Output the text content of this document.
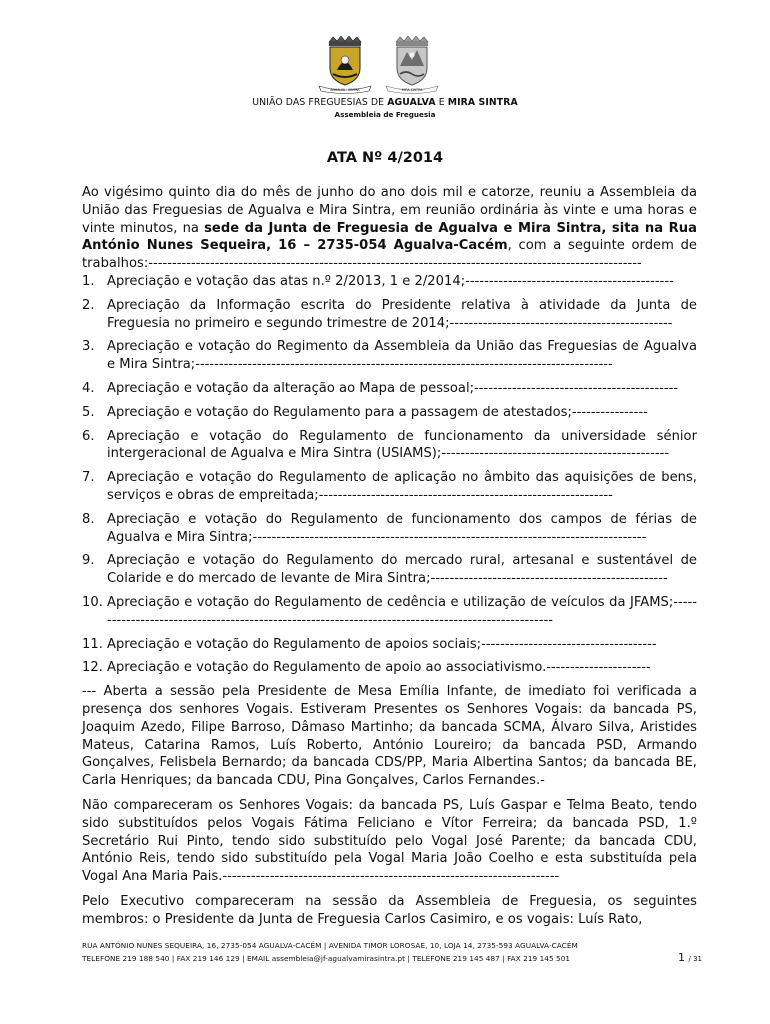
AGUALVA - SINTRA	MIRA SINTRA
UNIÃO DAS FREGUESIAS DE AGUALVA E MIRA SINTRA
Assembleia de Freguesia
ATA Nº 4/2014

Ao vigésimo quinto dia do mês de junho do ano dois mil e catorze, reuniu a Assembleia da União das Freguesias de Agualva e Mira Sintra, em reunião ordinária às vinte e uma horas e vinte minutos, na sede da Junta de Freguesia de Agualva e Mira Sintra, sita na Rua António Nunes Sequeira, 16 – 2735-054 Agualva-Cacém, com a seguinte ordem de trabalhos:--------------------------------------------------------------------------------------------------------

1. Apreciação e votação das atas n.º 2/2013, 1 e 2/2014;--------------------------------------------
2. Apreciação da Informação escrita do Presidente relativa à atividade da Junta de Freguesia no primeiro e segundo trimestre de 2014;-----------------------------------------------
3. Apreciação e votação do Regimento da Assembleia da União das Freguesias de Agualva e Mira Sintra;----------------------------------------------------------------------------------------
4. Apreciação e votação da alteração ao Mapa de pessoal;-------------------------------------------
5. Apreciação e votação do Regulamento para a passagem de atestados;----------------
6. Apreciação e votação do Regulamento de funcionamento da universidade sénior intergeracional de Agualva e Mira Sintra (USIAMS);------------------------------------------------
7. Apreciação e votação do Regulamento de aplicação no âmbito das aquisições de bens, serviços e obras de empreitada;--------------------------------------------------------------
8. Apreciação e votação do Regulamento de funcionamento dos campos de férias de Agualva e Mira Sintra;-----------------------------------------------------------------------------------
9. Apreciação e votação do Regulamento do mercado rural, artesanal e sustentável de Colaride e do mercado de levante de Mira Sintra;--------------------------------------------------
10. Apreciação e votação do Regulamento de cedência e utilização de veículos da JFAMS;---------------------------------------------------------------------------------------------------
11. Apreciação e votação do Regulamento de apoios sociais;-------------------------------------
12. Apreciação e votação do Regulamento de apoio ao associativismo.----------------------

--- Aberta a sessão pela Presidente de Mesa Emília Infante, de imediato foi verificada a presença dos senhores Vogais. Estiveram Presentes os Senhores Vogais: da bancada PS, Joaquim Azedo, Filipe Barroso, Dâmaso Martinho; da bancada SCMA, Álvaro Silva, Aristides Mateus, Catarina Ramos, Luís Roberto, António Loureiro; da bancada PSD, Armando Gonçalves, Felisbela Bernardo; da bancada CDS/PP, Maria Albertina Santos; da bancada BE, Carla Henriques; da bancada CDU, Pina Gonçalves, Carlos Fernandes.-

Não compareceram os Senhores Vogais: da bancada PS, Luís Gaspar e Telma Beato, tendo sido substituídos pelos Vogais Fátima Feliciano e Vítor Ferreira; da bancada PSD, 1.º Secretário Rui Pinto, tendo sido substituído pelo Vogal José Parente; da bancada CDU, António Reis, tendo sido substituído pela Vogal Maria João Coelho e esta substituída pela Vogal Ana Maria Pais.-----------------------------------------------------------------------

Pelo Executivo compareceram na sessão da Assembleia de Freguesia, os seguintes membros: o Presidente da Junta de Freguesia Carlos Casimiro, e os vogais: Luís Rato,

RUA ANTÓNIO NUNES SEQUEIRA, 16, 2735-054 AGUALVA-CACÉM | AVENIDA TIMOR LOROSAE, 10, LOJA 14, 2735-593 AGUALVA-CACÉM
TELEFONE 219 188 540 | FAX 219 146 129 | EMAIL assembleia@jf-agualvamirasintra.pt | TELEFONE 219 145 487 | FAX 219 145 501	1 / 31
